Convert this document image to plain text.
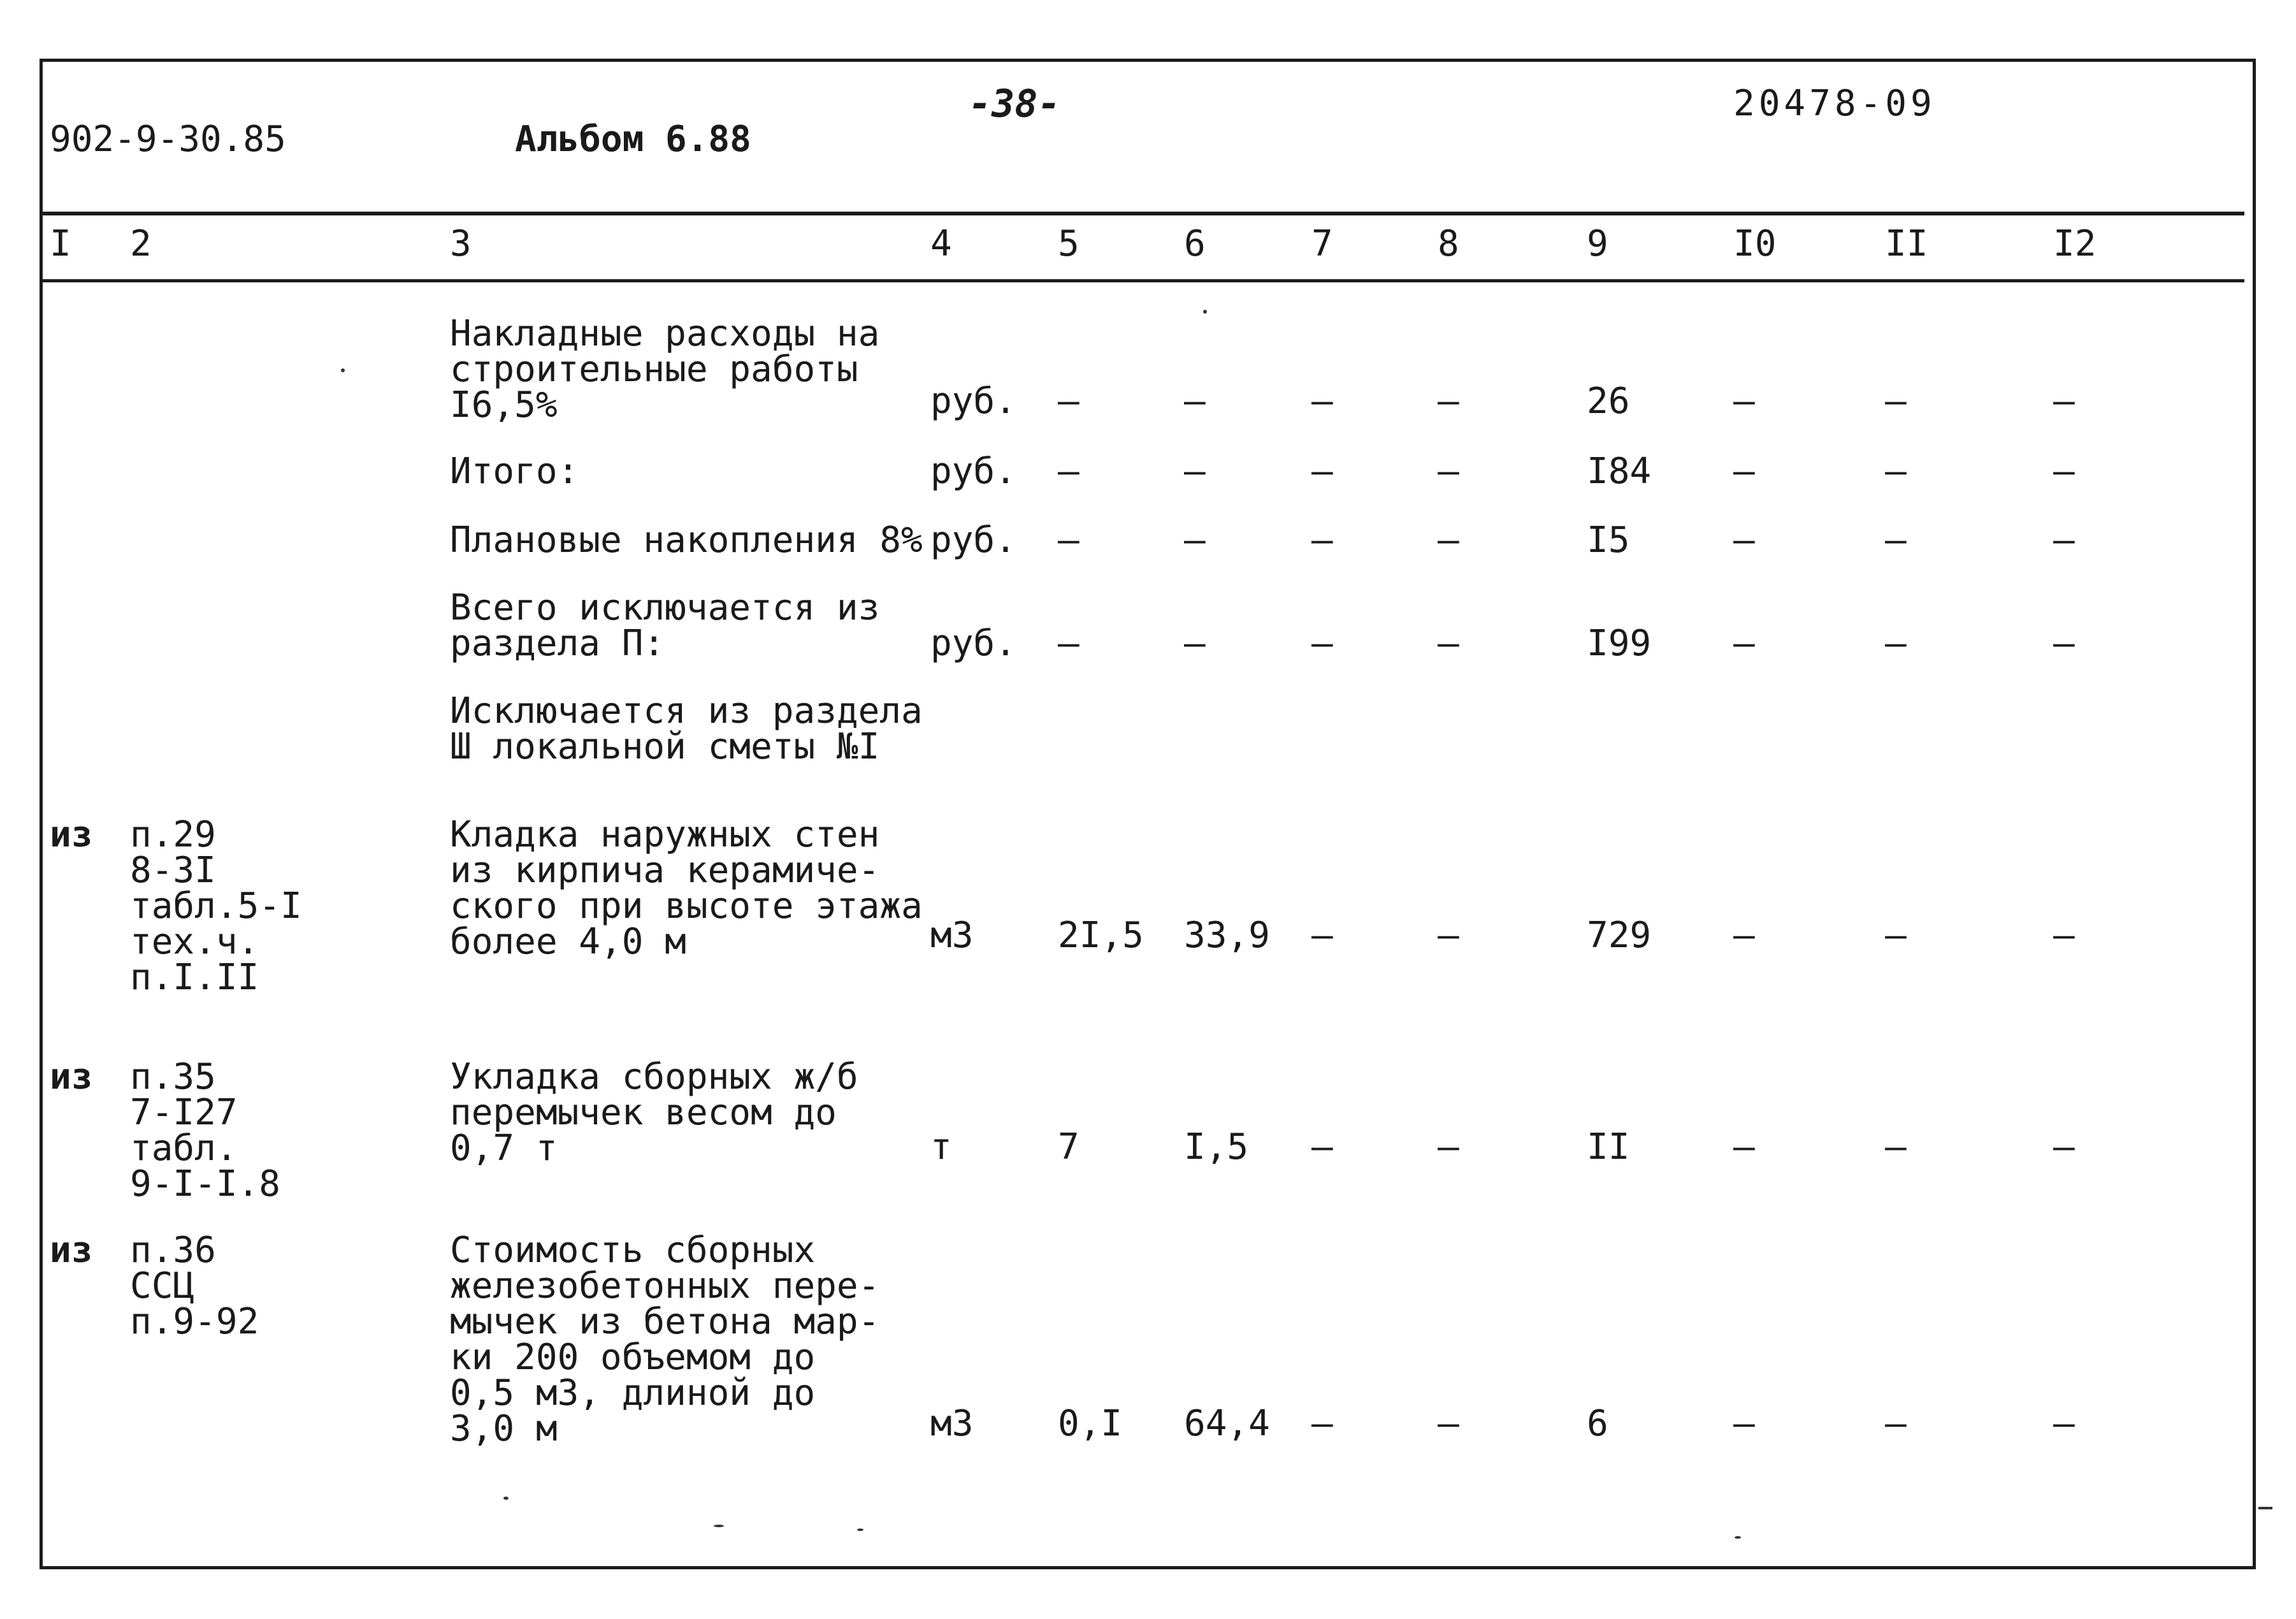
902-9-30.85	Альбом 6.88
-38-	20478-09
I 2	3	4	5	6	7	8	9	I0	II	I2
Накладные расходы на
строительные работы
I6,5%	руб. –	–	–	–	26	–	–	–
Итого:	руб. –	–	–	–	I84 –	–	–
Плановые накопления 8% руб. –	–	–	–	I5	–	–	–
Всего исключается из
раздела П:	руб. –	–	–	–	I99 –	–	–
Исключается из раздела
Ш локальной сметы №I
из п.29
8-3I
табл.5-I
тех.ч.
п.I.II
Кладка наружных стен
из кирпича керамиче-
ского при высоте этажа
более 4,0 м	м3 2I,5 33,9 –	–	729 –	–	–
из п.35
7-I27
табл.
9-I-I.8
Укладка сборных ж/б
перемычек весом до
0,7 т	т	7	I,5 –	–	II	–	–	–
из п.36
ССЦ
п.9-92
Стоимость сборных
железобетонных пере-
мычек из бетона мар-
ки 200 объемом до
0,5 м3, длиной до
3,0 м	м3 0,I 64,4 –	–	6	–	–	–
